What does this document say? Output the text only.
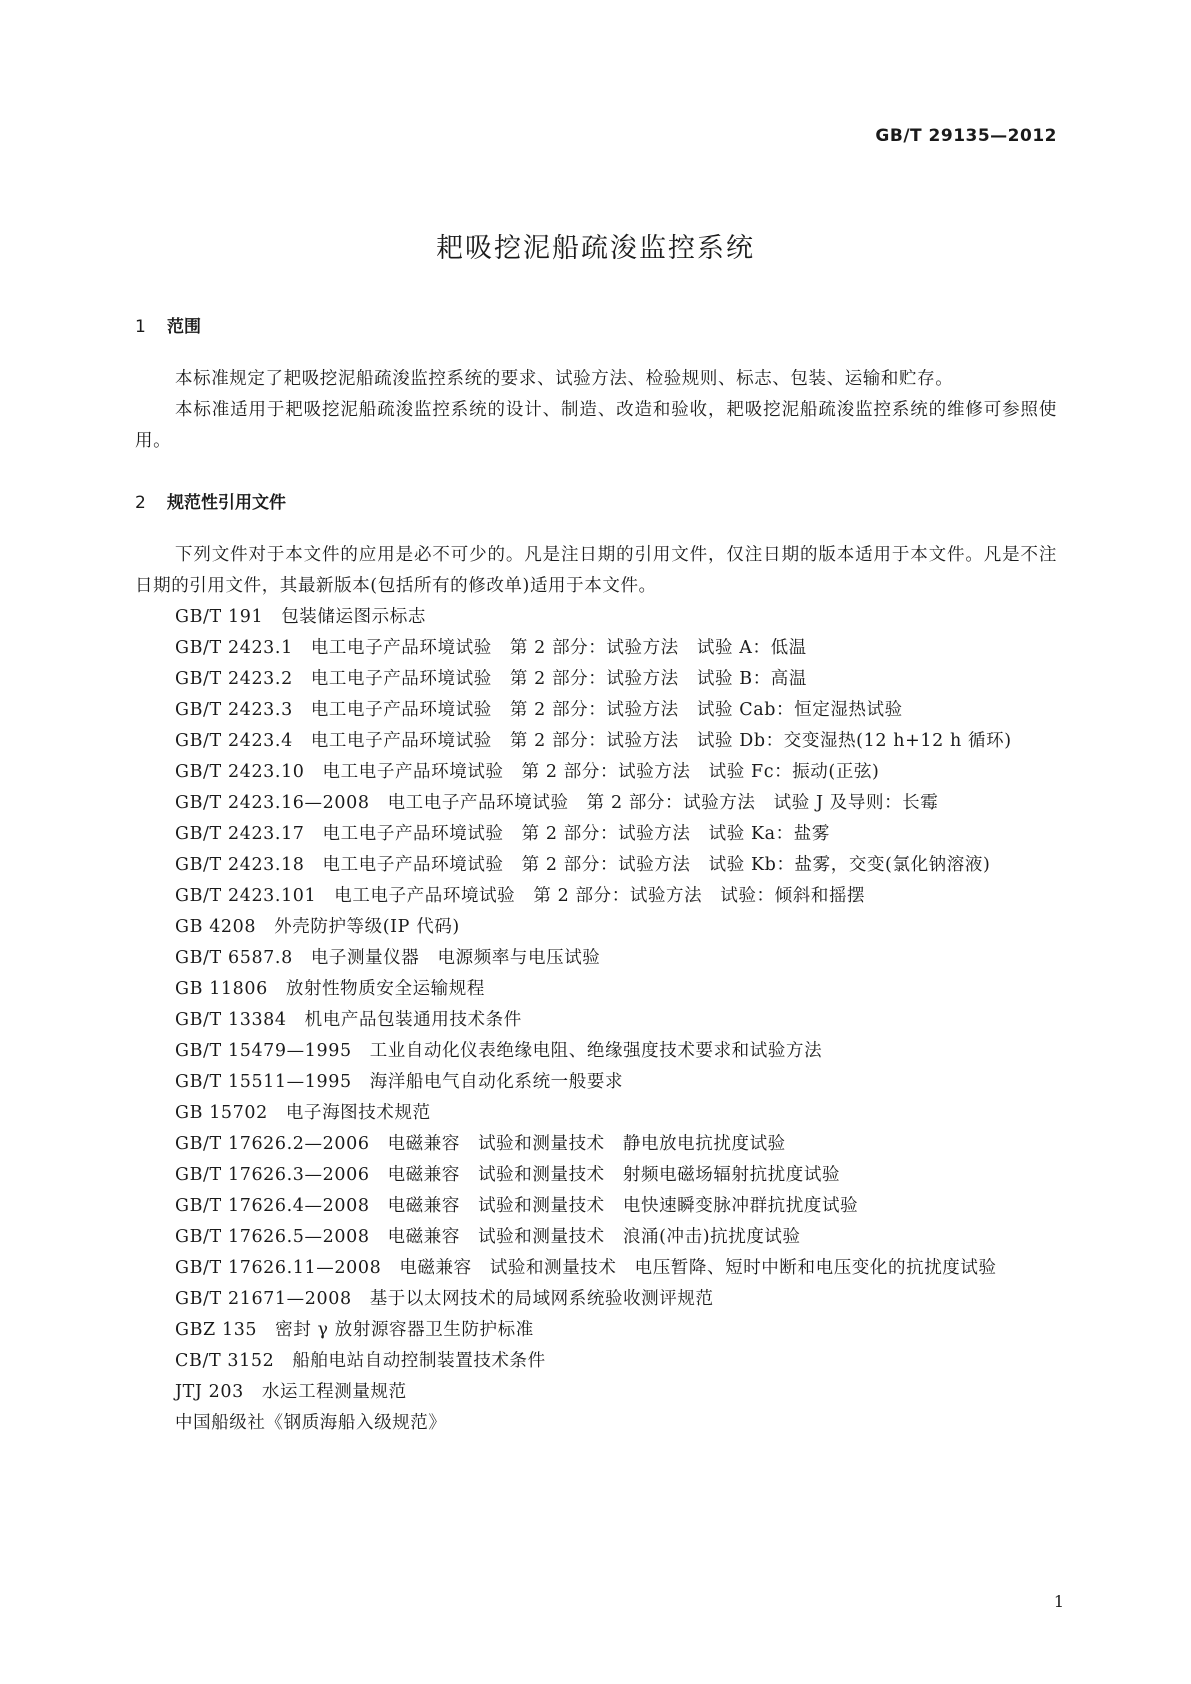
GB/T 29135—2012
耙吸挖泥船疏浚监控系统
1 范围

本标准规定了耙吸挖泥船疏浚监控系统的要求、试验方法、检验规则、标志、包装、运输和贮存。

本标准适用于耙吸挖泥船疏浚监控系统的设计、制造、改造和验收，耙吸挖泥船疏浚监控系统的维修可参照使用。

2 规范性引用文件

下列文件对于本文件的应用是必不可少的。凡是注日期的引用文件，仅注日期的版本适用于本文件。凡是不注日期的引用文件，其最新版本(包括所有的修改单)适用于本文件。

GB/T 191 包装储运图示标志
GB/T 2423.1 电工电子产品环境试验　第 2 部分：试验方法　试验 A：低温
GB/T 2423.2 电工电子产品环境试验　第 2 部分：试验方法　试验 B：高温
GB/T 2423.3 电工电子产品环境试验　第 2 部分：试验方法　试验 Cab：恒定湿热试验
GB/T 2423.4 电工电子产品环境试验　第 2 部分：试验方法　试验 Db：交变湿热(12 h+12 h 循环)
GB/T 2423.10 电工电子产品环境试验　第 2 部分：试验方法　试验 Fc：振动(正弦)
GB/T 2423.16—2008 电工电子产品环境试验　第 2 部分：试验方法　试验 J 及导则：长霉
GB/T 2423.17 电工电子产品环境试验　第 2 部分：试验方法　试验 Ka：盐雾
GB/T 2423.18 电工电子产品环境试验　第 2 部分：试验方法　试验 Kb：盐雾，交变(氯化钠溶液)
GB/T 2423.101 电工电子产品环境试验　第 2 部分：试验方法　试验：倾斜和摇摆
GB 4208 外壳防护等级(IP 代码)
GB/T 6587.8 电子测量仪器　电源频率与电压试验
GB 11806 放射性物质安全运输规程
GB/T 13384 机电产品包装通用技术条件
GB/T 15479—1995 工业自动化仪表绝缘电阻、绝缘强度技术要求和试验方法
GB/T 15511—1995 海洋船电气自动化系统一般要求
GB 15702 电子海图技术规范
GB/T 17626.2—2006 电磁兼容　试验和测量技术　静电放电抗扰度试验
GB/T 17626.3—2006 电磁兼容　试验和测量技术　射频电磁场辐射抗扰度试验
GB/T 17626.4—2008 电磁兼容　试验和测量技术　电快速瞬变脉冲群抗扰度试验
GB/T 17626.5—2008 电磁兼容　试验和测量技术　浪涌(冲击)抗扰度试验
GB/T 17626.11—2008 电磁兼容　试验和测量技术　电压暂降、短时中断和电压变化的抗扰度试验
GB/T 21671—2008 基于以太网技术的局域网系统验收测评规范
GBZ 135 密封 γ 放射源容器卫生防护标准
CB/T 3152 船舶电站自动控制装置技术条件
JTJ 203 水运工程测量规范
中国船级社《钢质海船入级规范》
1
